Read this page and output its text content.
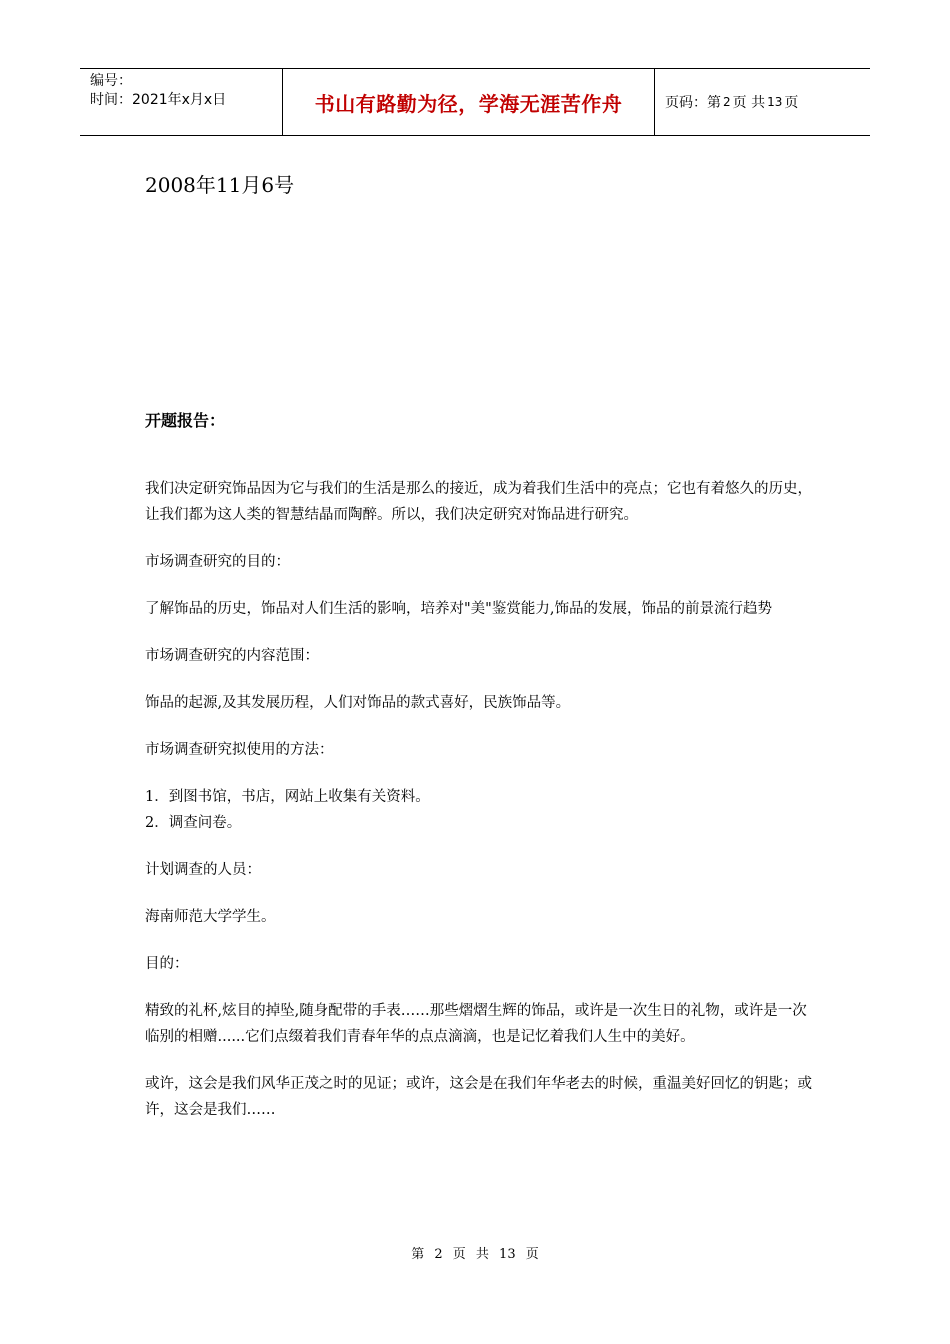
编号：
时间：2021年x月x日	书山有路勤为径，学海无涯苦作舟	页码：第 2 页 共 13 页
2008年11月6号
开题报告：

我们决定研究饰品因为它与我们的生活是那么的接近，成为着我们生活中的亮点；它也有着悠久的历史，让我们都为这人类的智慧结晶而陶醉。所以，我们决定研究对饰品进行研究。

市场调查研究的目的：

了解饰品的历史，饰品对人们生活的影响，培养对"美"鉴赏能力,饰品的发展，饰品的前景流行趋势

市场调查研究的内容范围：

饰品的起源,及其发展历程，人们对饰品的款式喜好，民族饰品等。

市场调查研究拟使用的方法：

1．到图书馆，书店，网站上收集有关资料。

2．调查问卷。

计划调查的人员：

海南师范大学学生。

目的：

精致的礼杯,炫目的掉坠,随身配带的手表……那些熠熠生辉的饰品，或许是一次生日的礼物，或许是一次临别的相赠......它们点缀着我们青春年华的点点滴滴，也是记忆着我们人生中的美好。

或许，这会是我们风华正茂之时的见证；或许，这会是在我们年华老去的时候，重温美好回忆的钥匙；或许，这会是我们……

第 2 页 共 13 页
